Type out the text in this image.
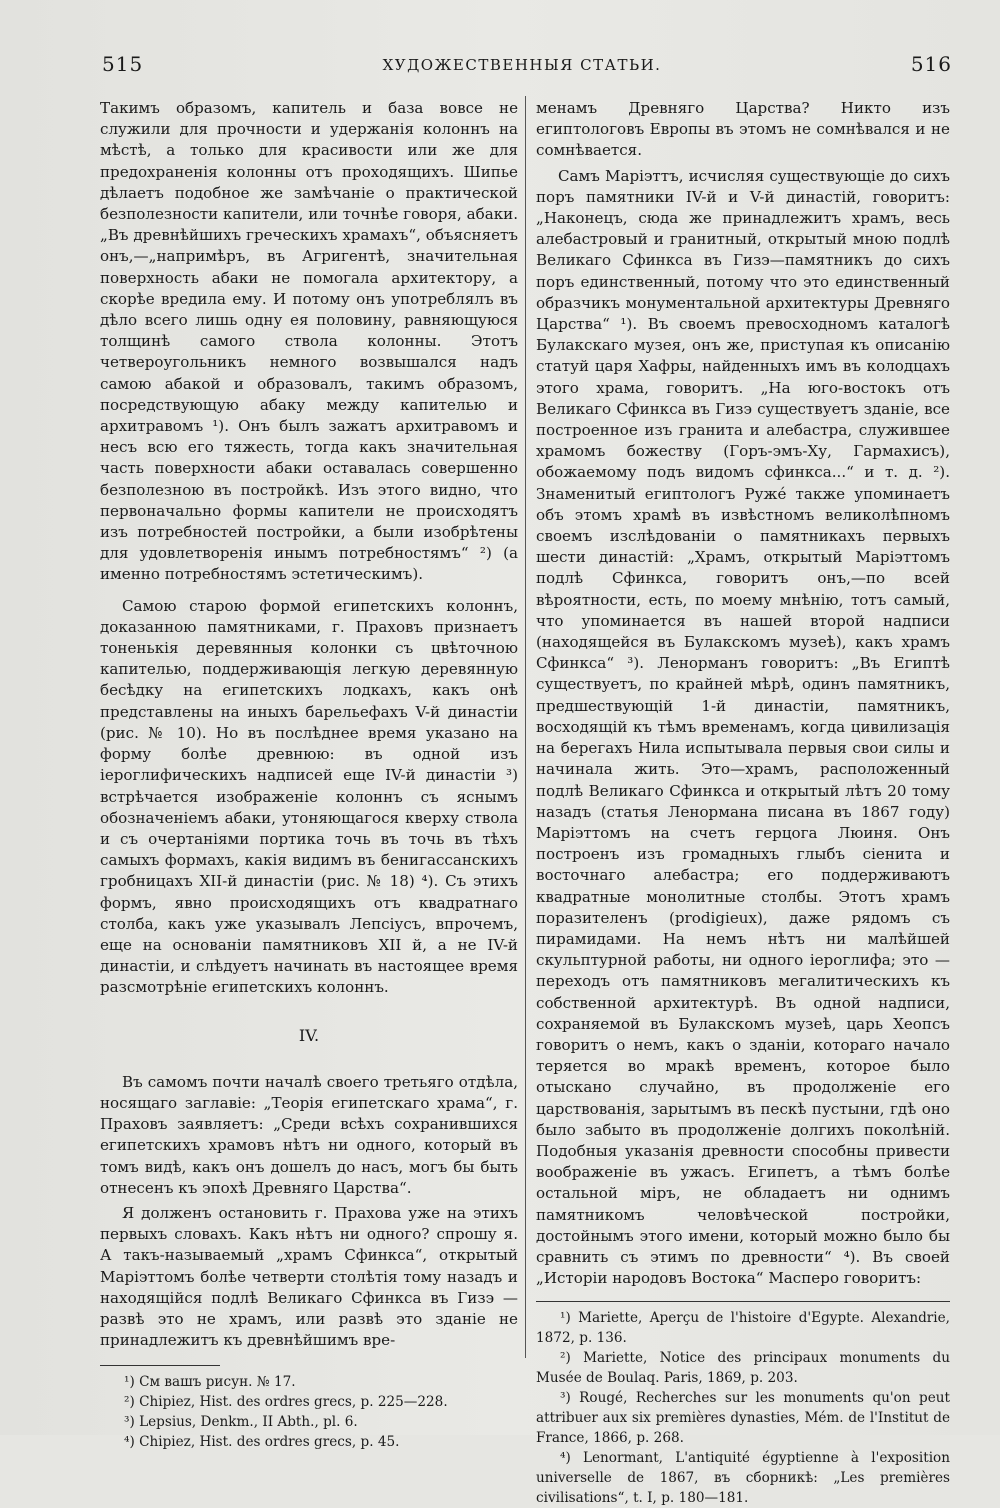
515	ХУДОЖЕСТВЕННЫЯ СТАТЬИ.	516

Такимъ образомъ, капитель и база вовсе не служили для прочности и удержанія колоннъ на мѣстѣ, а только для красивости или же для предохраненія колонны отъ проходящихъ. Шипье дѣлаетъ подобное же замѣчаніе о практической безполезности капители, или точнѣе говоря, абаки. „Въ древнѣйшихъ греческихъ храмахъ“, объясняетъ онъ,—„напримѣръ, въ Агригентѣ, значительная поверхность абаки не помогала архитектору, а скорѣе вредила ему. И потому онъ употреблялъ въ дѣло всего лишь одну ея половину, равняющуюся толщинѣ самого ствола колонны. Этотъ четвероугольникъ немного возвышался надъ самою абакой и образовалъ, такимъ образомъ, посредствующую абаку между капителью и архитравомъ ¹). Онъ былъ зажатъ архитравомъ и несъ всю его тяжесть, тогда какъ значительная часть поверхности абаки оставалась совершенно безполезною въ постройкѣ. Изъ этого видно, что первоначально формы капители не происходятъ изъ потребностей постройки, а были изобрѣтены для удовлетворенія инымъ потребностямъ“ ²) (а именно потребностямъ эстетическимъ).

Самою старою формой египетскихъ колоннъ, доказанною памятниками, г. Праховъ признаетъ тоненькія деревянныя колонки съ цвѣточною капителью, поддерживающія легкую деревянную бесѣдку на египетскихъ лодкахъ, какъ онѣ представлены на иныхъ барельефахъ V-й династіи (рис. № 10). Но въ послѣднее время указано на форму болѣе древнюю: въ одной изъ іероглифическихъ надписей еще IV-й династіи ³) встрѣчается изображеніе колоннъ съ яснымъ обозначеніемъ абаки, утоняющагося кверху ствола и съ очертаніями портика точь въ точь въ тѣхъ самыхъ формахъ, какія видимъ въ бенигассанскихъ гробницахъ XII-й династіи (рис. № 18) ⁴). Съ этихъ формъ, явно происходящихъ отъ квадратнаго столба, какъ уже указывалъ Лепсіусъ, впрочемъ, еще на основаніи памятниковъ XII й, а не IV-й династіи, и слѣдуетъ начинать въ настоящее время разсмотрѣніе египетскихъ колоннъ.

IV.

Въ самомъ почти началѣ своего третьяго отдѣла, носящаго заглавіе: „Теорія египетскаго храма“, г. Праховъ заявляетъ: „Среди всѣхъ сохранившихся египетскихъ храмовъ нѣтъ ни одного, который въ томъ видѣ, какъ онъ дошелъ до насъ, могъ бы быть отнесенъ къ эпохѣ Древняго Царства“.

Я долженъ остановить г. Прахова уже на этихъ первыхъ словахъ. Какъ нѣтъ ни одного? спрошу я. А такъ-называемый „храмъ Сфинкса“, открытый Маріэттомъ болѣе четверти столѣтія тому назадъ и находящійся подлѣ Великаго Сфинкса въ Гизэ — развѣ это не храмъ, или развѣ это зданіе не принадлежитъ къ древнѣйшимъ вре-

¹) См вашъ рисун. № 17.
²) Chipiez, Hist. des ordres grecs, p. 225—228.
³) Lepsius, Denkm., II Abth., pl. 6.
⁴) Chipiez, Hist. des ordres grecs, p. 45.

менамъ Древняго Царства? Никто изъ египтологовъ Европы въ этомъ не сомнѣвался и не сомнѣвается.

Самъ Маріэттъ, исчисляя существующіе до сихъ поръ памятники IV-й и V-й династій, говоритъ: „Наконецъ, сюда же принадлежитъ храмъ, весь алебастровый и гранитный, открытый мною подлѣ Великаго Сфинкса въ Гизэ—памятникъ до сихъ поръ единственный, потому что это единственный образчикъ монументальной архитектуры Древняго Царства“ ¹). Въ своемъ превосходномъ каталогѣ Булакскаго музея, онъ же, приступая къ описанію статуй царя Хафры, найденныхъ имъ въ колодцахъ этого храма, говоритъ. „На юго-востокъ отъ Великаго Сфинкса въ Гизэ существуетъ зданіе, все построенное изъ гранита и алебастра, служившее храмомъ божеству (Горъ-эмъ-Ху, Гармахисъ), обожаемому подъ видомъ сфинкса...“ и т. д. ²). Знаменитый египтологъ Ружé также упоминаетъ объ этомъ храмѣ въ извѣстномъ великолѣпномъ своемъ изслѣдованіи о памятникахъ первыхъ шести династій: „Храмъ, открытый Маріэттомъ подлѣ Сфинкса, говоритъ онъ,—по всей вѣроятности, есть, по моему мнѣнію, тотъ самый, что упоминается въ нашей второй надписи (находящейся въ Булакскомъ музеѣ), какъ храмъ Сфинкса“ ³). Ленорманъ говоритъ: „Въ Египтѣ существуетъ, по крайней мѣрѣ, одинъ памятникъ, предшествующій 1-й династіи, памятникъ, восходящій къ тѣмъ временамъ, когда цивилизація на берегахъ Нила испытывала первыя свои силы и начинала жить. Это—храмъ, расположенный подлѣ Великаго Сфинкса и открытый лѣтъ 20 тому назадъ (статья Ленормана писана въ 1867 году) Маріэттомъ на счетъ герцога Люиня. Онъ построенъ изъ громадныхъ глыбъ сіенита и восточнаго алебастра; его поддерживаютъ квадратные монолитные столбы. Этотъ храмъ поразителенъ (prodigieux), даже рядомъ съ пирамидами. На немъ нѣтъ ни малѣйшей скульптурной работы, ни одного іероглифа; это — переходъ отъ памятниковъ мегалитическихъ къ собственной архитектурѣ. Въ одной надписи, сохраняемой въ Булакскомъ музеѣ, царь Хеопсъ говоритъ о немъ, какъ о зданіи, котораго начало теряется во мракѣ временъ, которое было отыскано случайно, въ продолженіе его царствованія, зарытымъ въ пескѣ пустыни, гдѣ оно было забыто въ продолженіе долгихъ поколѣній. Подобныя указанія древности способны привести воображеніе въ ужасъ. Египетъ, а тѣмъ болѣе остальной міръ, не обладаетъ ни однимъ памятникомъ человѣческой постройки, достойнымъ этого имени, который можно было бы сравнить съ этимъ по древности“ ⁴). Въ своей „Исторіи народовъ Востока“ Масперо говоритъ:

¹) Mariette, Aperçu de l'histoire d'Egypte. Alexandrie, 1872, p. 136.
²) Mariette, Notice des principaux monuments du Musée de Boulaq. Paris, 1869, p. 203.
³) Rougé, Recherches sur les monuments qu'on peut attribuer aux six premières dynasties, Mém. de l'Institut de France, 1866, p. 268.
⁴) Lenormant, L'antiquité égyptienne à l'exposition universelle de 1867, въ сборникѣ: „Les premières civilisations“, t. I, p. 180—181.
